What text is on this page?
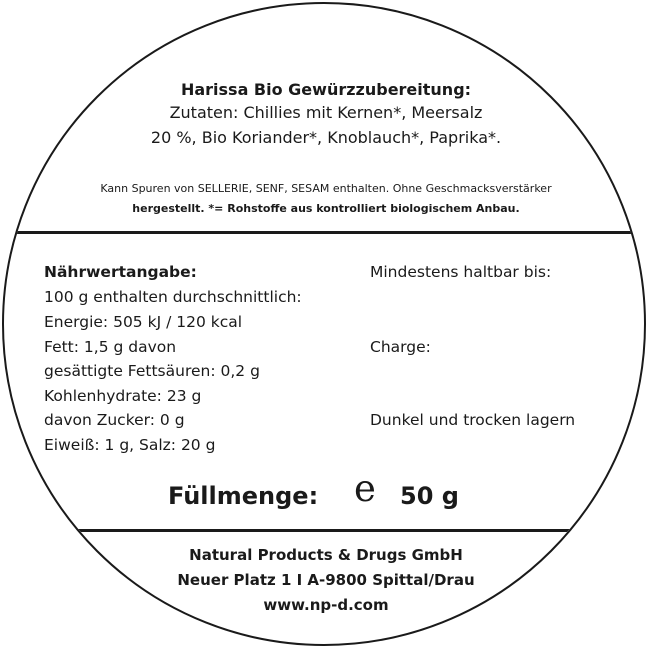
Harissa Bio Gewürzzubereitung:
Zutaten: Chillies mit Kernen*, Meersalz
20 %, Bio Koriander*, Knoblauch*, Paprika*.
Kann Spuren von SELLERIE, SENF, SESAM enthalten. Ohne Geschmacksverstärker
hergestellt. *= Rohstoffe aus kontrolliert biologischem Anbau.
Nährwertangabe:
100 g enthalten durchschnittlich:
Energie: 505 kJ / 120 kcal
Fett: 1,5 g davon
gesättigte Fettsäuren: 0,2 g
Kohlenhydrate: 23 g
davon Zucker: 0 g
Eiweiß: 1 g, Salz: 20 g
Mindestens haltbar bis:
Charge:
Dunkel und trocken lagern
Füllmenge: e 50 g
Natural Products & Drugs GmbH
Neuer Platz 1 I A-9800 Spittal/Drau
www.np-d.com
